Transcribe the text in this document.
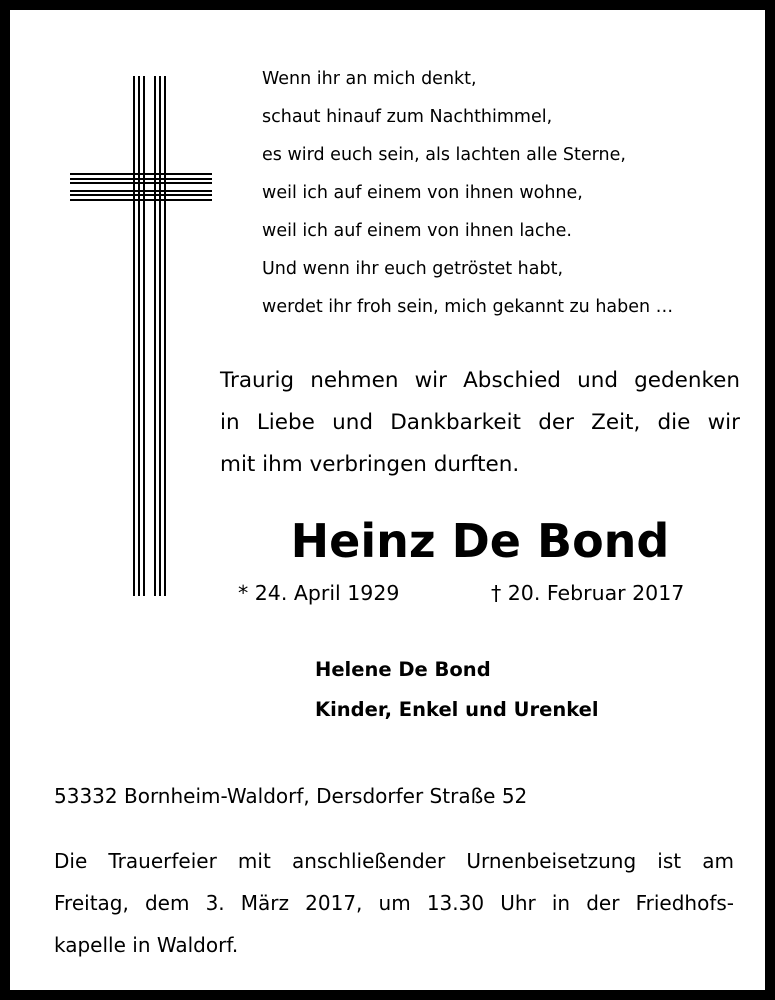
Wenn ihr an mich denkt,
schaut hinauf zum Nachthimmel,
es wird euch sein, als lachten alle Sterne,
weil ich auf einem von ihnen wohne,
weil ich auf einem von ihnen lache.
Und wenn ihr euch getröstet habt,
werdet ihr froh sein, mich gekannt zu haben …
Traurig nehmen wir Abschied und gedenken
in Liebe und Dankbarkeit der Zeit, die wir
mit ihm verbringen durften.
Heinz De Bond
* 24. April 1929	† 20. Februar 2017
Helene De Bond
Kinder, Enkel und Urenkel
53332 Bornheim-Waldorf, Dersdorfer Straße 52
Die Trauerfeier mit anschließender Urnenbeisetzung ist am
Freitag, dem 3. März 2017, um 13.30 Uhr in der Friedhofs-
kapelle in Waldorf.
